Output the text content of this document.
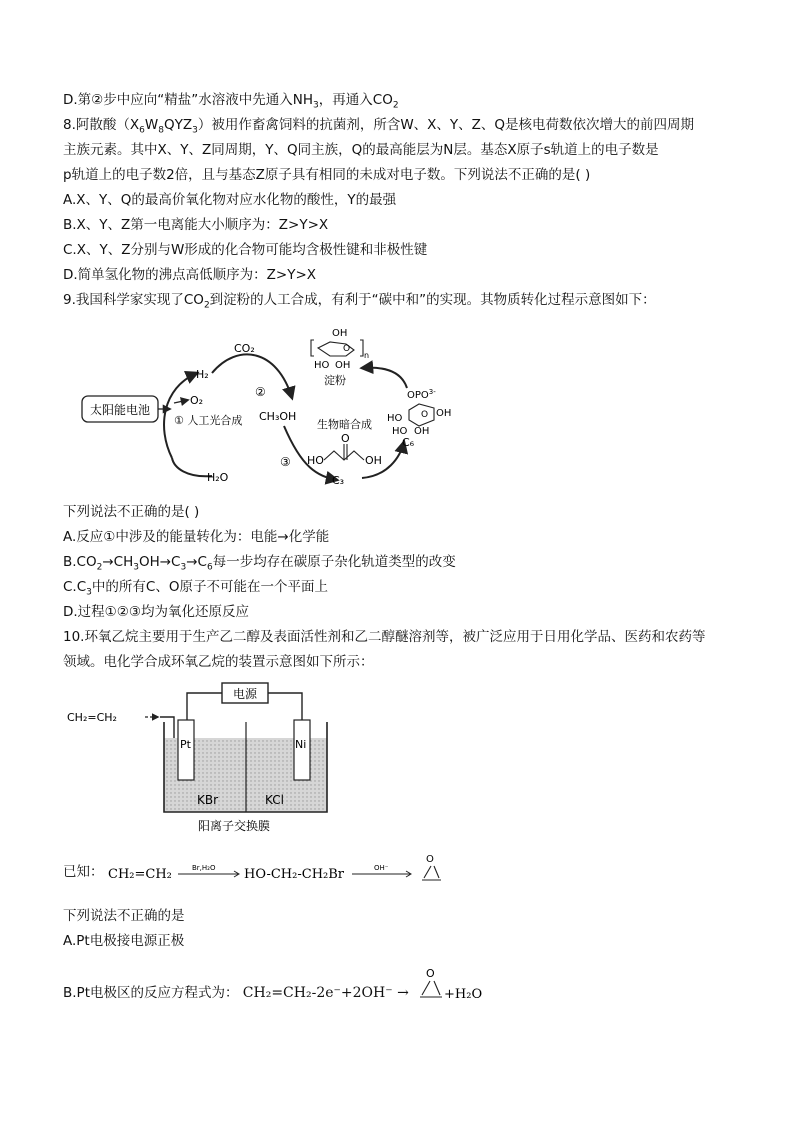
D.第②步中应向“精盐”水溶液中先通入$NH_3$，再通入$CO_2$
8.阿散酸$(X_6W_8QYZ_3)$被用作畜禽饲料的抗菌剂，所含W、X、Y、Z、Q是核电荷数依次增大的前四周期
主族元素。其中X、Y、Z同周期，Y、Q同主族，Q的最高能层为N层。基态X原子s轨道上的电子数是
p轨道上的电子数2倍，且与基态Z原子具有相同的未成对电子数。下列说法不正确的是( )
A.X、Y、Q的最高价氧化物对应水化物的酸性，Y的最强
B.X、Y、Z第一电离能大小顺序为：Z>Y>X
C.X、Y、Z分别与W形成的化合物可能均含极性键和非极性键
D.简单氢化物的沸点高低顺序为：Z>Y>X
9.我国科学家实现了$CO_2$到淀粉的人工合成，有利于“碳中和”的实现。其物质转化过程示意图如下：
太阳能电池
H₂
O₂
① 人工光合成
H₂O
CO₂
②
CH₃OH
③ HO
O
OH
C₃
$OPO^{3-}$
O
HO	OH
HO OH
C₆
生物暗合成
O
OH
n
HO OH
淀粉
下列说法不正确的是( )
A.反应①中涉及的能量转化为：电能→化学能
$B.CO_2\to CH_3OH\to C_3\to C_6$每一步均存在碳原子杂化轨道类型的改变
$C.C_3$中的所有C、O原子不可能在一个平面上
D.过程①②③均为氧化还原反应
10.环氧乙烷主要用于生产乙二醇及表面活性剂和乙二醇醚溶剂等，被广泛应用于日用化学品、医药和农药等
领域。电化学合成环氧乙烷的装置示意图如下所示：
电源
CH₂=CH₂
Pt	Ni
KBr	KCl
阳离子交换膜
已知： CH₂=CH₂	Br,H₂O HO-CH₂-CH₂Br	OH⁻
O
下列说法不正确的是
A.Pt电极接电源正极
B.Pt电极区的反应方程式为： CH₂=CH₂-2e⁻+2OH⁻ →
O
+H₂O
